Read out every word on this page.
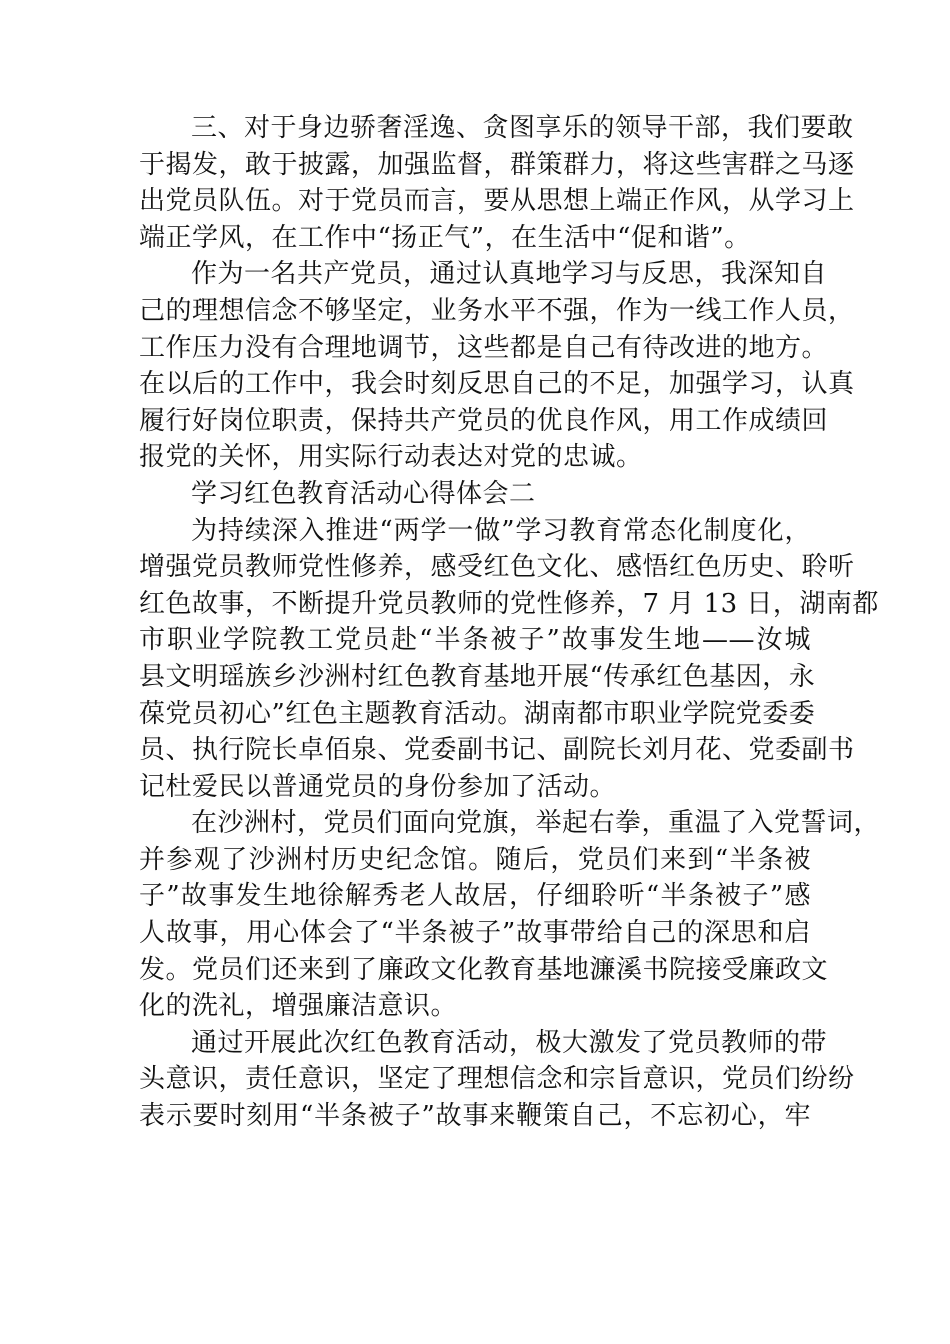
三、对于身边骄奢淫逸、贪图享乐的领导干部，我们要敢
于揭发，敢于披露，加强监督，群策群力，将这些害群之马逐
出党员队伍。对于党员而言，要从思想上端正作风，从学习上
端正学风，在工作中“扬正气”，在生活中“促和谐”。
作为一名共产党员，通过认真地学习与反思，我深知自
己的理想信念不够坚定，业务水平不强，作为一线工作人员，
工作压力没有合理地调节，这些都是自己有待改进的地方。
在以后的工作中，我会时刻反思自己的不足，加强学习，认真
履行好岗位职责，保持共产党员的优良作风，用工作成绩回
报党的关怀，用实际行动表达对党的忠诚。
学习红色教育活动心得体会二
为持续深入推进“两学一做”学习教育常态化制度化，
增强党员教师党性修养，感受红色文化、感悟红色历史、聆听
红色故事，不断提升党员教师的党性修养，7 月 13 日，湖南都
市职业学院教工党员赴“半条被子”故事发生地——汝城
县文明瑶族乡沙洲村红色教育基地开展“传承红色基因，永
葆党员初心”红色主题教育活动。湖南都市职业学院党委委
员、执行院长卓佰泉、党委副书记、副院长刘月花、党委副书
记杜爱民以普通党员的身份参加了活动。
在沙洲村，党员们面向党旗，举起右拳，重温了入党誓词，
并参观了沙洲村历史纪念馆。随后，党员们来到“半条被
子”故事发生地徐解秀老人故居，仔细聆听“半条被子”感
人故事，用心体会了“半条被子”故事带给自己的深思和启
发。党员们还来到了廉政文化教育基地濂溪书院接受廉政文
化的洗礼，增强廉洁意识。
通过开展此次红色教育活动，极大激发了党员教师的带
头意识，责任意识，坚定了理想信念和宗旨意识，党员们纷纷
表示要时刻用“半条被子”故事来鞭策自己，不忘初心，牢
